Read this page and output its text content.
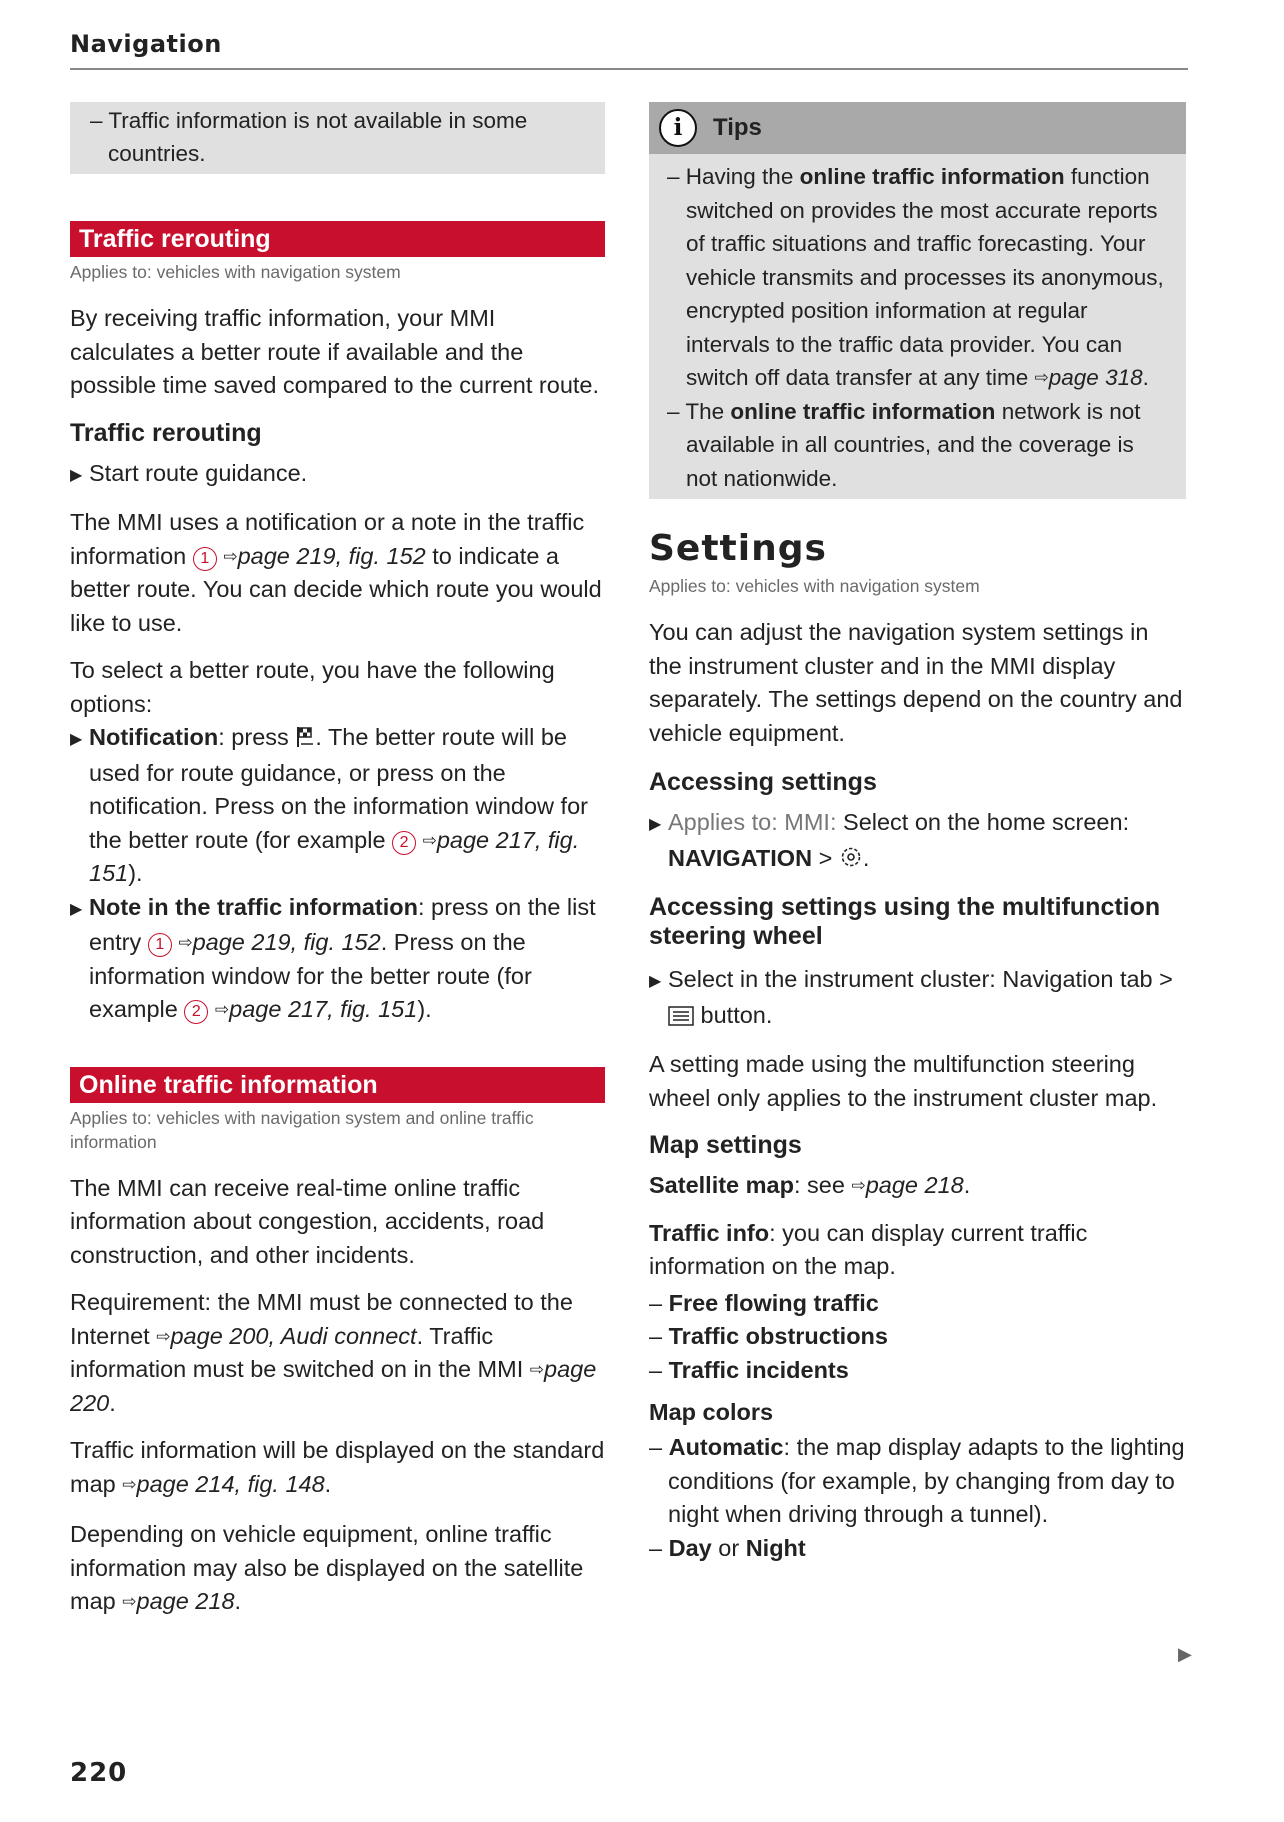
Navigation
– Traffic information is not available in some countries.
Traffic rerouting
Applies to: vehicles with navigation system

By receiving traffic information, your MMI calculates a better route if available and the possible time saved compared to the current route.

Traffic rerouting
▶ Start route guidance.

The MMI uses a notification or a note in the traffic information 1 ⇨page 219, fig. 152 to indicate a better route. You can decide which route you would like to use.

To select a better route, you have the following options:

▶ Notification: press . The better route will be used for route guidance, or press on the notification. Press on the information window for the better route (for example 2 ⇨page 217, fig. 151).
▶ Note in the traffic information: press on the list entry 1 ⇨page 219, fig. 152. Press on the information window for the better route (for example 2 ⇨page 217, fig. 151).
Online traffic information
Applies to: vehicles with navigation system and online traffic information

The MMI can receive real-time online traffic information about congestion, accidents, road construction, and other incidents.

Requirement: the MMI must be connected to the Internet ⇨page 200, Audi connect. Traffic information must be switched on in the MMI ⇨page 220.

Traffic information will be displayed on the standard map ⇨page 214, fig. 148.

Depending on vehicle equipment, online traffic information may also be displayed on the satellite map ⇨page 218.

i	Tips
– Having the online traffic information function switched on provides the most accurate reports of traffic situations and traffic forecasting. Your vehicle transmits and processes its anonymous, encrypted position information at regular intervals to the traffic data provider. You can switch off data transfer at any time ⇨page 318.
– The online traffic information network is not available in all countries, and the coverage is not nationwide.
Settings
Applies to: vehicles with navigation system

You can adjust the navigation system settings in the instrument cluster and in the MMI display separately. The settings depend on the country and vehicle equipment.

Accessing settings
▶ Applies to: MMI: Select on the home screen: NAVIGATION > .
Accessing settings using the multifunction steering wheel
▶ Select in the instrument cluster: Navigation tab >  button.

A setting made using the multifunction steering wheel only applies to the instrument cluster map.

Map settings

Satellite map: see ⇨page 218.

Traffic info: you can display current traffic information on the map.

– Free flowing traffic
– Traffic obstructions
– Traffic incidents
Map colors
– Automatic: the map display adapts to the lighting conditions (for example, by changing from day to night when driving through a tunnel).
– Day or Night
▶
220
